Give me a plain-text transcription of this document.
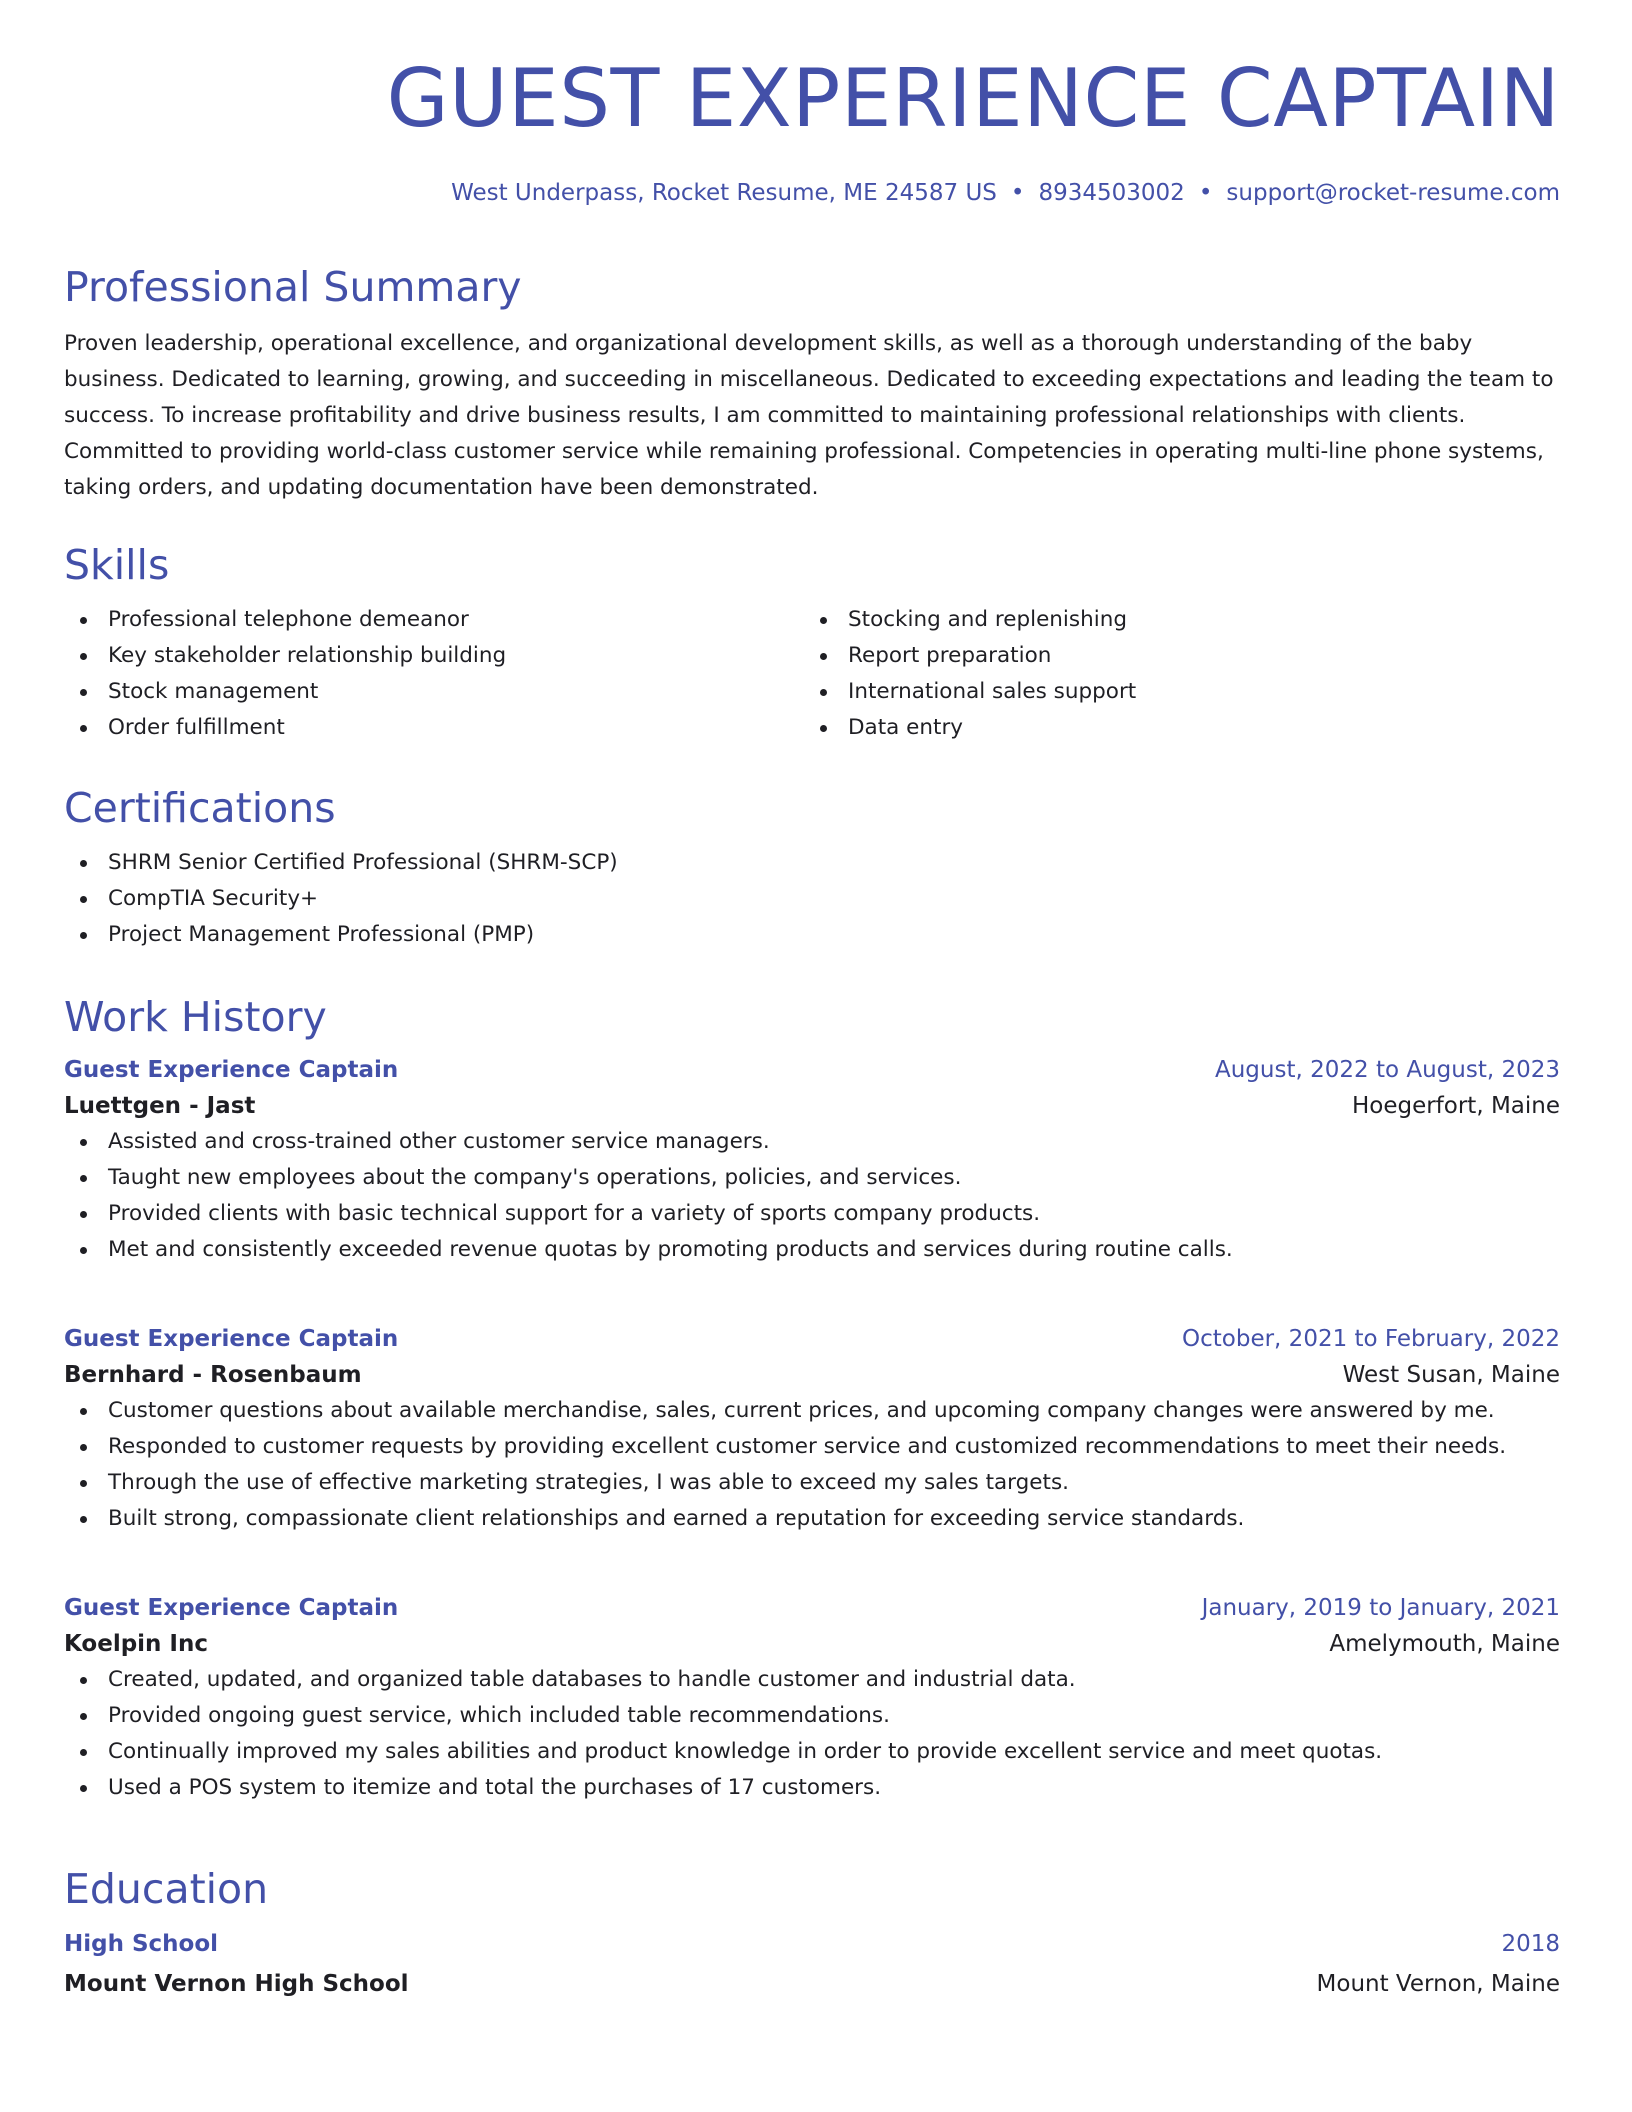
GUEST EXPERIENCE CAPTAIN
West Underpass, Rocket Resume, ME 24587 US • 8934503002 • support@rocket-resume.com
Professional Summary

Proven leadership, operational excellence, and organizational development skills, as well as a thorough understanding of the baby business. Dedicated to learning, growing, and succeeding in miscellaneous. Dedicated to exceeding expectations and leading the team to success. To increase profitability and drive business results, I am committed to maintaining professional relationships with clients. Committed to providing world-class customer service while remaining professional. Competencies in operating multi-line phone systems, taking orders, and updating documentation have been demonstrated.

Skills
Professional telephone demeanor
Key stakeholder relationship building
Stock management
Order fulfillment
Stocking and replenishing
Report preparation
International sales support
Data entry
Certifications
SHRM Senior Certified Professional (SHRM-SCP)
CompTIA Security+
Project Management Professional (PMP)
Work History
Guest Experience Captain	August, 2022 to August, 2023
Luettgen - Jast	Hoegerfort, Maine
Assisted and cross-trained other customer service managers.
Taught new employees about the company's operations, policies, and services.
Provided clients with basic technical support for a variety of sports company products.
Met and consistently exceeded revenue quotas by promoting products and services during routine calls.
Guest Experience Captain	October, 2021 to February, 2022
Bernhard - Rosenbaum	West Susan, Maine
Customer questions about available merchandise, sales, current prices, and upcoming company changes were answered by me.
Responded to customer requests by providing excellent customer service and customized recommendations to meet their needs.
Through the use of effective marketing strategies, I was able to exceed my sales targets.
Built strong, compassionate client relationships and earned a reputation for exceeding service standards.
Guest Experience Captain	January, 2019 to January, 2021
Koelpin Inc	Amelymouth, Maine
Created, updated, and organized table databases to handle customer and industrial data.
Provided ongoing guest service, which included table recommendations.
Continually improved my sales abilities and product knowledge in order to provide excellent service and meet quotas.
Used a POS system to itemize and total the purchases of 17 customers.
Education
High School	2018
Mount Vernon High School	Mount Vernon, Maine
